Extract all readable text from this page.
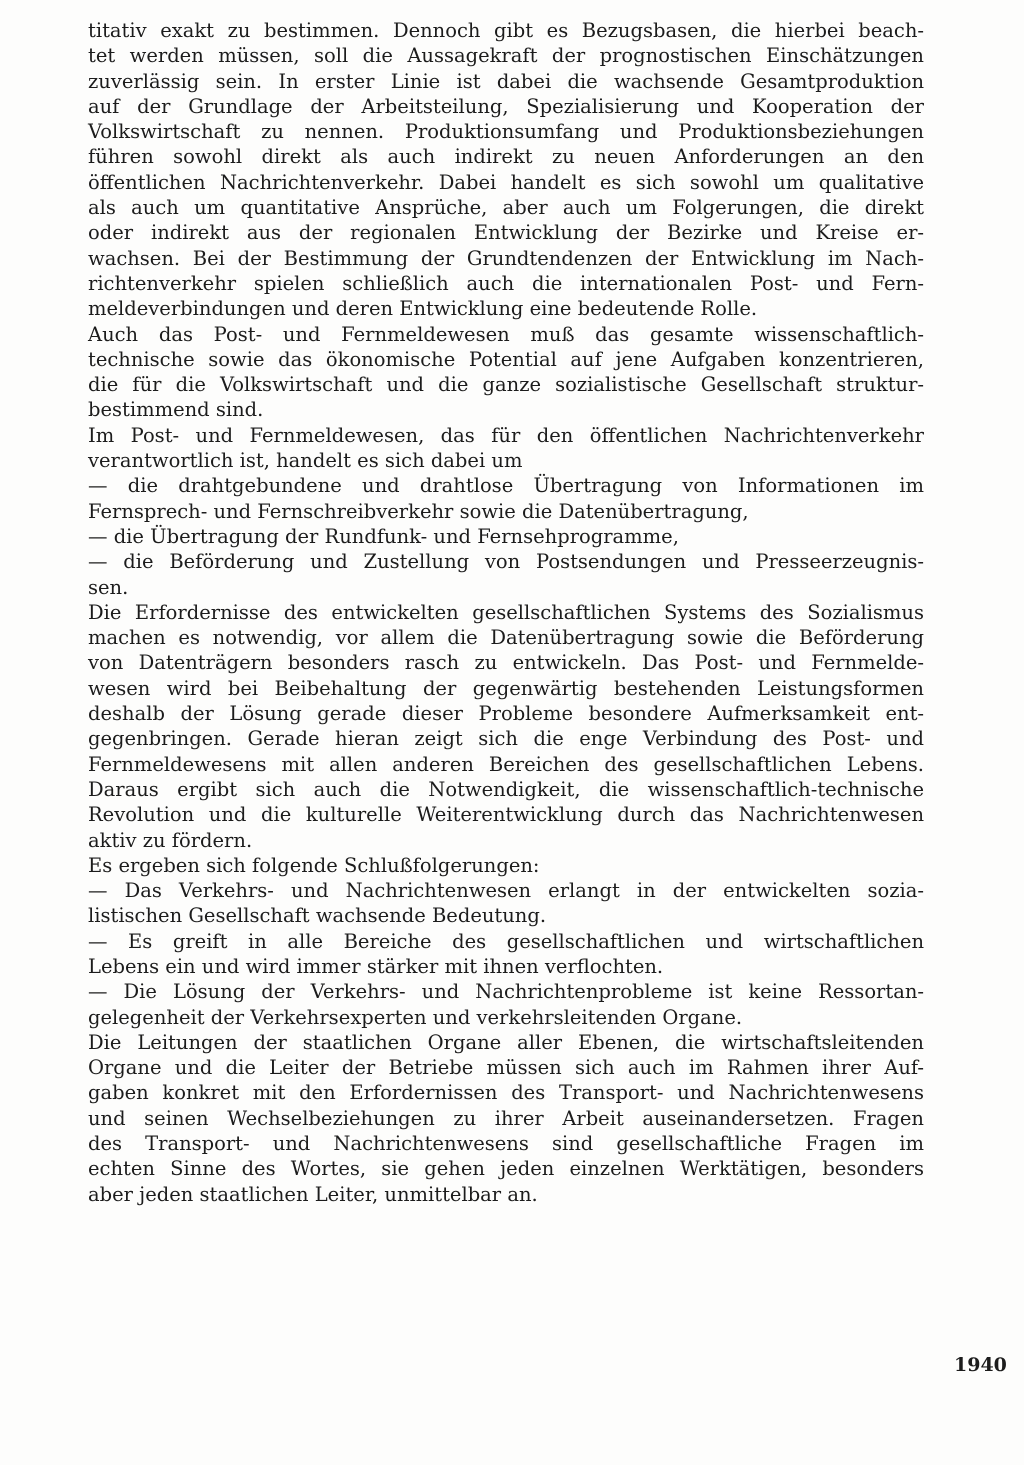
titativ exakt zu bestimmen. Dennoch gibt es Bezugsbasen, die hierbei beach-
tet werden müssen, soll die Aussagekraft der prognostischen Einschätzungen
zuverlässig sein. In erster Linie ist dabei die wachsende Gesamtproduktion
auf der Grundlage der Arbeitsteilung, Spezialisierung und Kooperation der
Volkswirtschaft zu nennen. Produktionsumfang und Produktionsbeziehungen
führen sowohl direkt als auch indirekt zu neuen Anforderungen an den
öffentlichen Nachrichtenverkehr. Dabei handelt es sich sowohl um qualitative
als auch um quantitative Ansprüche, aber auch um Folgerungen, die direkt
oder indirekt aus der regionalen Entwicklung der Bezirke und Kreise er-
wachsen. Bei der Bestimmung der Grundtendenzen der Entwicklung im Nach-
richtenverkehr spielen schließlich auch die internationalen Post- und Fern-
meldeverbindungen und deren Entwicklung eine bedeutende Rolle.
Auch das Post- und Fernmeldewesen muß das gesamte wissenschaftlich-
technische sowie das ökonomische Potential auf jene Aufgaben konzentrieren,
die für die Volkswirtschaft und die ganze sozialistische Gesellschaft struktur-
bestimmend sind.
Im Post- und Fernmeldewesen, das für den öffentlichen Nachrichtenverkehr
verantwortlich ist, handelt es sich dabei um
— die drahtgebundene und drahtlose Übertragung von Informationen im
Fernsprech- und Fernschreibverkehr sowie die Datenübertragung,
— die Übertragung der Rundfunk- und Fernsehprogramme,
— die Beförderung und Zustellung von Postsendungen und Presseerzeugnis-
sen.
Die Erfordernisse des entwickelten gesellschaftlichen Systems des Sozialismus
machen es notwendig, vor allem die Datenübertragung sowie die Beförderung
von Datenträgern besonders rasch zu entwickeln. Das Post- und Fernmelde-
wesen wird bei Beibehaltung der gegenwärtig bestehenden Leistungsformen
deshalb der Lösung gerade dieser Probleme besondere Aufmerksamkeit ent-
gegenbringen. Gerade hieran zeigt sich die enge Verbindung des Post- und
Fernmeldewesens mit allen anderen Bereichen des gesellschaftlichen Lebens.
Daraus ergibt sich auch die Notwendigkeit, die wissenschaftlich-technische
Revolution und die kulturelle Weiterentwicklung durch das Nachrichtenwesen
aktiv zu fördern.
Es ergeben sich folgende Schlußfolgerungen:
— Das Verkehrs- und Nachrichtenwesen erlangt in der entwickelten sozia-
listischen Gesellschaft wachsende Bedeutung.
— Es greift in alle Bereiche des gesellschaftlichen und wirtschaftlichen
Lebens ein und wird immer stärker mit ihnen verflochten.
— Die Lösung der Verkehrs- und Nachrichtenprobleme ist keine Ressortan-
gelegenheit der Verkehrsexperten und verkehrsleitenden Organe.
Die Leitungen der staatlichen Organe aller Ebenen, die wirtschaftsleitenden
Organe und die Leiter der Betriebe müssen sich auch im Rahmen ihrer Auf-
gaben konkret mit den Erfordernissen des Transport- und Nachrichtenwesens
und seinen Wechselbeziehungen zu ihrer Arbeit auseinandersetzen. Fragen
des Transport- und Nachrichtenwesens sind gesellschaftliche Fragen im
echten Sinne des Wortes, sie gehen jeden einzelnen Werktätigen, besonders
aber jeden staatlichen Leiter, unmittelbar an.
1940
